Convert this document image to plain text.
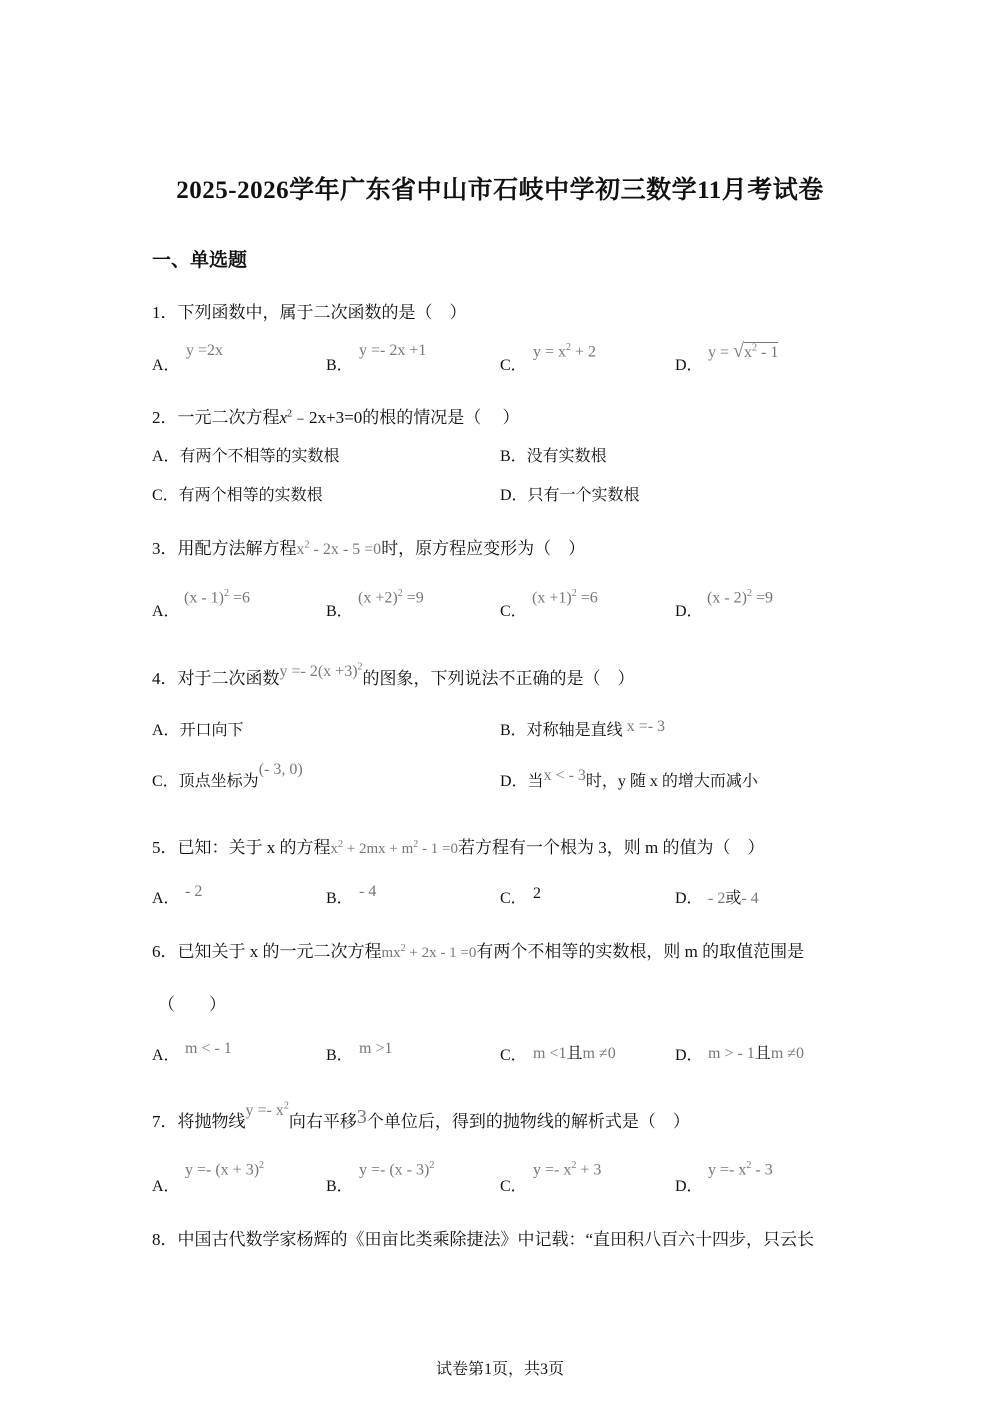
2025-2026学年广东省中山市石岐中学初三数学11月考试卷
一、单选题
1．下列函数中，属于二次函数的是（　）
A．
y =2x
B．
y =- 2x +1
C．
$y = x^2 + 2$
D．
$y = √x^2 - 1$
2．一元二次方程$x^2﹣2x+3=0$的根的情况是（　 ）
A．有两个不相等的实数根	B．没有实数根
C．有两个相等的实数根	D．只有一个实数根
3．用配方法解方程$x^2 - 2x - 5 =0$时，原方程应变形为（　）
A．
(x - 1)$^2$ =6
B．
$(x +2)^2 =9$
C．
$(x +1)^2 =6$
D．
(x - 2)$^2$ =9
4．对于二次函数$y =- 2(x +3)^2$的图象，下列说法不正确的是（　）
A．开口向下	B．对称轴是直线 x =- 3
C．顶点坐标为(- 3, 0)
D．当x < - 3时，y 随 x 的增大而减小
5．已知：关于 x 的方程$x^2 + 2mx + m^2 - 1 =0$若方程有一个根为 3，则 m 的值为（　）
A． - 2	B． - 4	C． 2	D． - 2或- 4
6．已知关于 x 的一元二次方程$mx^2 + 2x - 1 =0$有两个不相等的实数根，则 m 的取值范围是
（　　）
A． m < - 1	B． m >1	C． m <1且m ≠0	D． m > - 1且m ≠0
7．将抛物线$y =- x^2$向右平移3个单位后，得到的抛物线的解析式是（　）
A．
$y =- (x + 3)^2$
B．
y =- (x - 3)$^2$
C．
$y =- x^2 + 3$
D．
$y =- x^2 - 3$
8．中国古代数学家杨辉的《田亩比类乘除捷法》中记载：“直田积八百六十四步，只云长
试卷第1页，共3页
